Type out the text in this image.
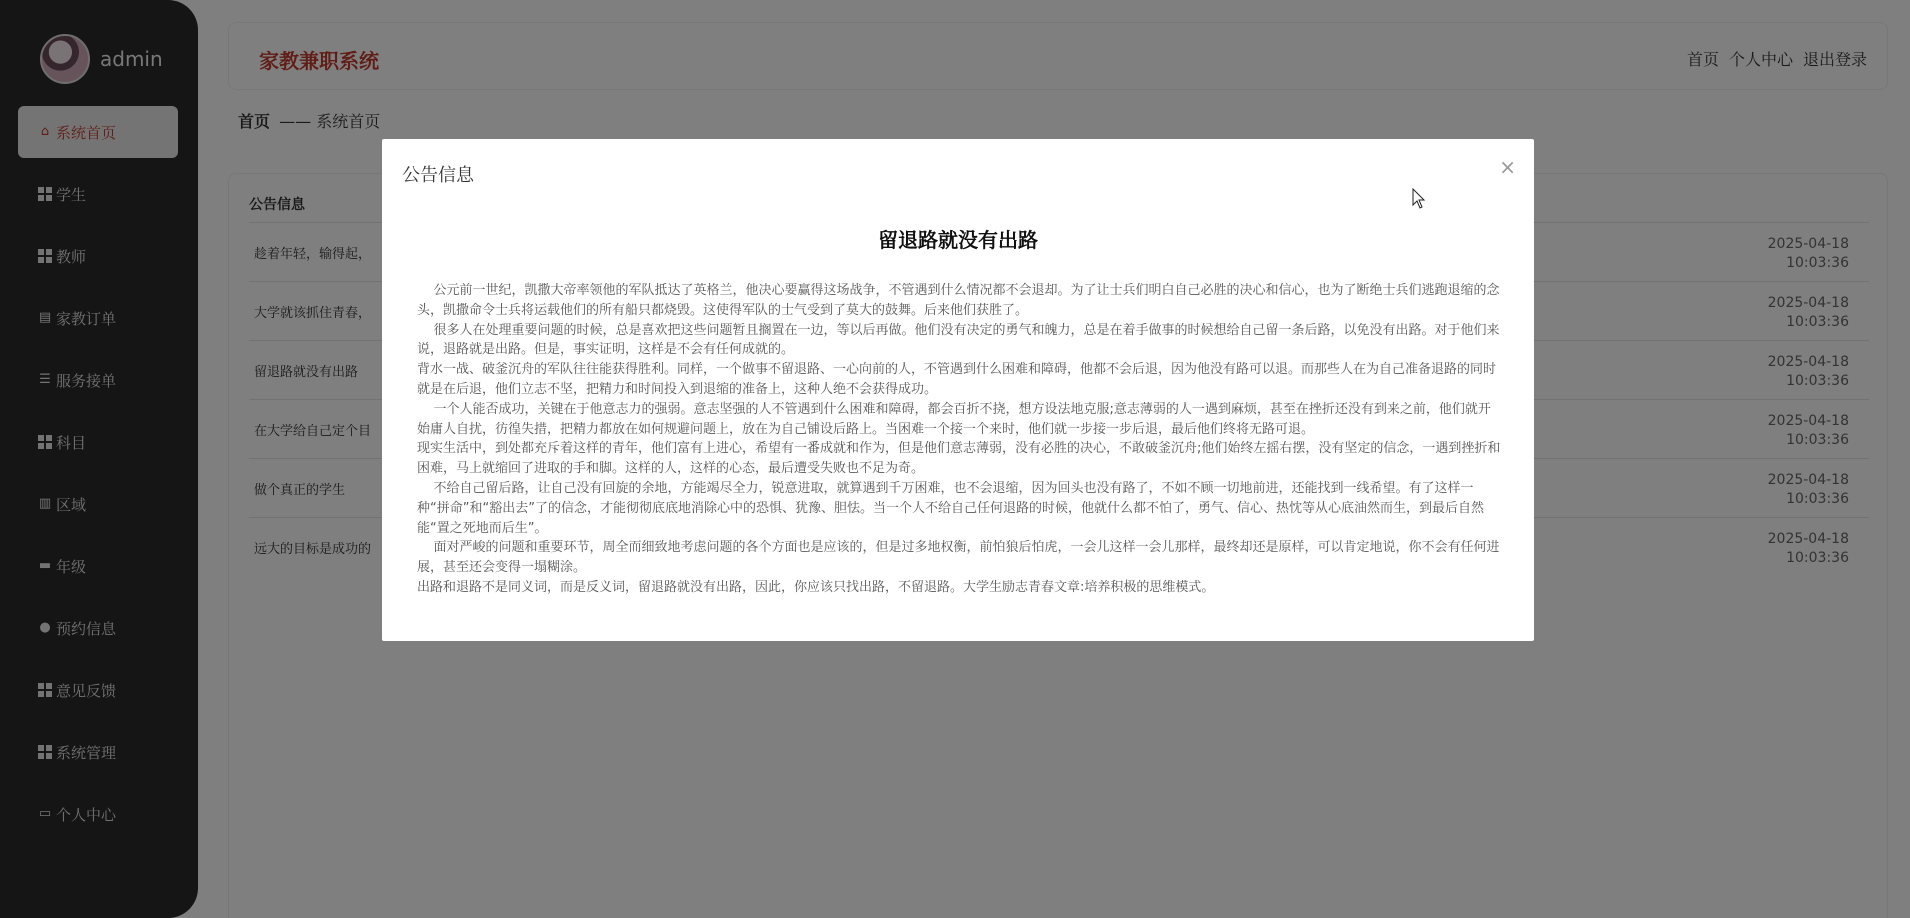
公告信息	×
留退路就没有出路

公元前一世纪，凯撒大帝率领他的军队抵达了英格兰，他决心要赢得这场战争，不管遇到什么情况都不会退却。为了让士兵们明白自己必胜的决心和信心，也为了断绝士兵们逃跑退缩的念头，凯撒命令士兵将运载他们的所有船只都烧毁。这使得军队的士气受到了莫大的鼓舞。后来他们获胜了。

很多人在处理重要问题的时候，总是喜欢把这些问题暂且搁置在一边，等以后再做。他们没有决定的勇气和魄力，总是在着手做事的时候想给自己留一条后路，以免没有出路。对于他们来说，退路就是出路。但是，事实证明，这样是不会有任何成就的。

背水一战、破釜沉舟的军队往往能获得胜利。同样，一个做事不留退路、一心向前的人，不管遇到什么困难和障碍，他都不会后退，因为他没有路可以退。而那些人在为自己准备退路的同时就是在后退，他们立志不坚，把精力和时间投入到退缩的准备上，这种人绝不会获得成功。

一个人能否成功，关键在于他意志力的强弱。意志坚强的人不管遇到什么困难和障碍，都会百折不挠，想方设法地克服;意志薄弱的人一遇到麻烦，甚至在挫折还没有到来之前，他们就开始庸人自扰，彷徨失措，把精力都放在如何规避问题上，放在为自己铺设后路上。当困难一个接一个来时，他们就一步接一步后退，最后他们终将无路可退。

现实生活中，到处都充斥着这样的青年，他们富有上进心，希望有一番成就和作为，但是他们意志薄弱，没有必胜的决心，不敢破釜沉舟;他们始终左摇右摆，没有坚定的信念，一遇到挫折和困难，马上就缩回了进取的手和脚。这样的人，这样的心态，最后遭受失败也不足为奇。

不给自己留后路，让自己没有回旋的余地，方能竭尽全力，锐意进取，就算遇到千万困难，也不会退缩，因为回头也没有路了，不如不顾一切地前进，还能找到一线希望。有了这样一种“拼命”和“豁出去”了的信念，才能彻彻底底地消除心中的恐惧、犹豫、胆怯。当一个人不给自己任何退路的时候，他就什么都不怕了，勇气、信心、热忱等从心底油然而生，到最后自然能“置之死地而后生”。

面对严峻的问题和重要环节，周全而细致地考虑问题的各个方面也是应该的，但是过多地权衡，前怕狼后怕虎，一会儿这样一会儿那样，最终却还是原样，可以肯定地说，你不会有任何进展，甚至还会变得一塌糊涂。

出路和退路不是同义词，而是反义词，留退路就没有出路，因此，你应该只找出路，不留退路。大学生励志青春文章:培养积极的思维模式。
